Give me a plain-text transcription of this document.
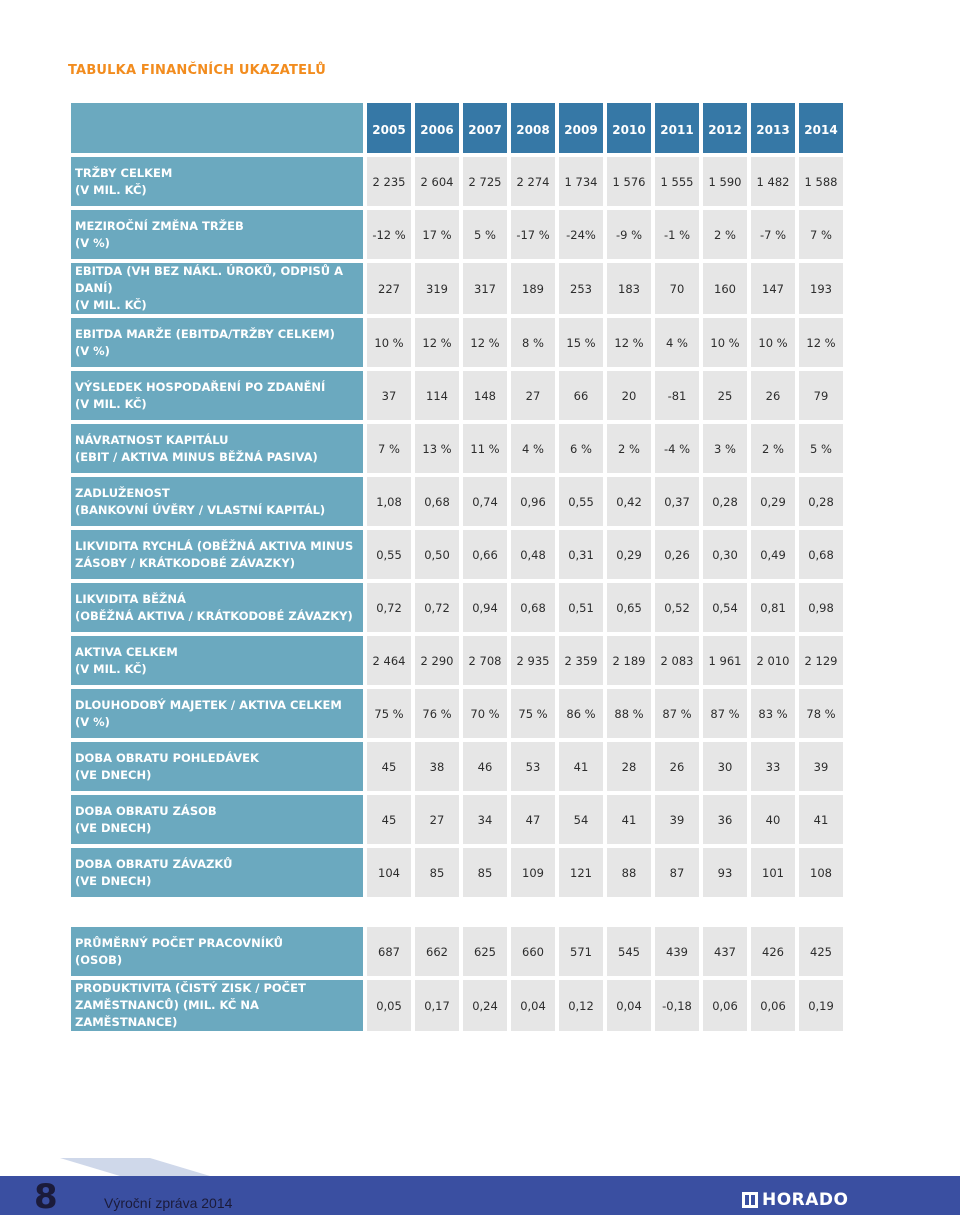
TABULKA FINANČNÍCH UKAZATELŮ
	2005	2006	2007	2008	2009	2010	2011	2012	2013	2014

TRŽBY CELKEM
(V MIL. KČ)	2 235	2 604	2 725	2 274	1 734	1 576	1 555	1 590	1 482	1 588

MEZIROČNÍ ZMĚNA TRŽEB
(V %)	-12 %	17 %	5 %	-17 %	-24%	-9 %	-1 %	2 %	-7 %	7 %

EBITDA (VH BEZ NÁKL. ÚROKŮ, ODPISŮ A DANÍ)
(V MIL. KČ)	227	319	317	189	253	183	70	160	147	193

EBITDA MARŽE (EBITDA/TRŽBY CELKEM)
(V %)	10 %	12 %	12 %	8 %	15 %	12 %	4 %	10 %	10 %	12 %

VÝSLEDEK HOSPODAŘENÍ PO ZDANĚNÍ
(V MIL. KČ)	37	114	148	27	66	20	-81	25	26	79

NÁVRATNOST KAPITÁLU
(EBIT / AKTIVA MINUS BĚŽNÁ PASIVA)	7 %	13 %	11 %	4 %	6 %	2 %	-4 %	3 %	2 %	5 %

ZADLUŽENOST
(BANKOVNÍ ÚVĚRY / VLASTNÍ KAPITÁL)	1,08	0,68	0,74	0,96	0,55	0,42	0,37	0,28	0,29	0,28

LIKVIDITA RYCHLÁ (OBĚŽNÁ AKTIVA MINUS
ZÁSOBY / KRÁTKODOBÉ ZÁVAZKY)	0,55	0,50	0,66	0,48	0,31	0,29	0,26	0,30	0,49	0,68

LIKVIDITA BĚŽNÁ
(OBĚŽNÁ AKTIVA / KRÁTKODOBÉ ZÁVAZKY)	0,72	0,72	0,94	0,68	0,51	0,65	0,52	0,54	0,81	0,98

AKTIVA CELKEM
(V MIL. KČ)	2 464	2 290	2 708	2 935	2 359	2 189	2 083	1 961	2 010	2 129

DLOUHODOBÝ MAJETEK / AKTIVA CELKEM
(V %)	75 %	76 %	70 %	75 %	86 %	88 %	87 %	87 %	83 %	78 %

DOBA OBRATU POHLEDÁVEK
(VE DNECH)	45	38	46	53	41	28	26	30	33	39

DOBA OBRATU ZÁSOB
(VE DNECH)	45	27	34	47	54	41	39	36	40	41

DOBA OBRATU ZÁVAZKŮ
(VE DNECH)	104	85	85	109	121	88	87	93	101	108

PRŮMĚRNÝ POČET PRACOVNÍKŮ
(OSOB)	687	662	625	660	571	545	439	437	426	425

PRODUKTIVITA (ČISTÝ ZISK / POČET
ZAMĚSTNANCŮ) (MIL. KČ NA ZAMĚSTNANCE)	0,05	0,17	0,24	0,04	0,12	0,04	-0,18	0,06	0,06	0,19
8	Výroční zpráva 2014	HORADO
